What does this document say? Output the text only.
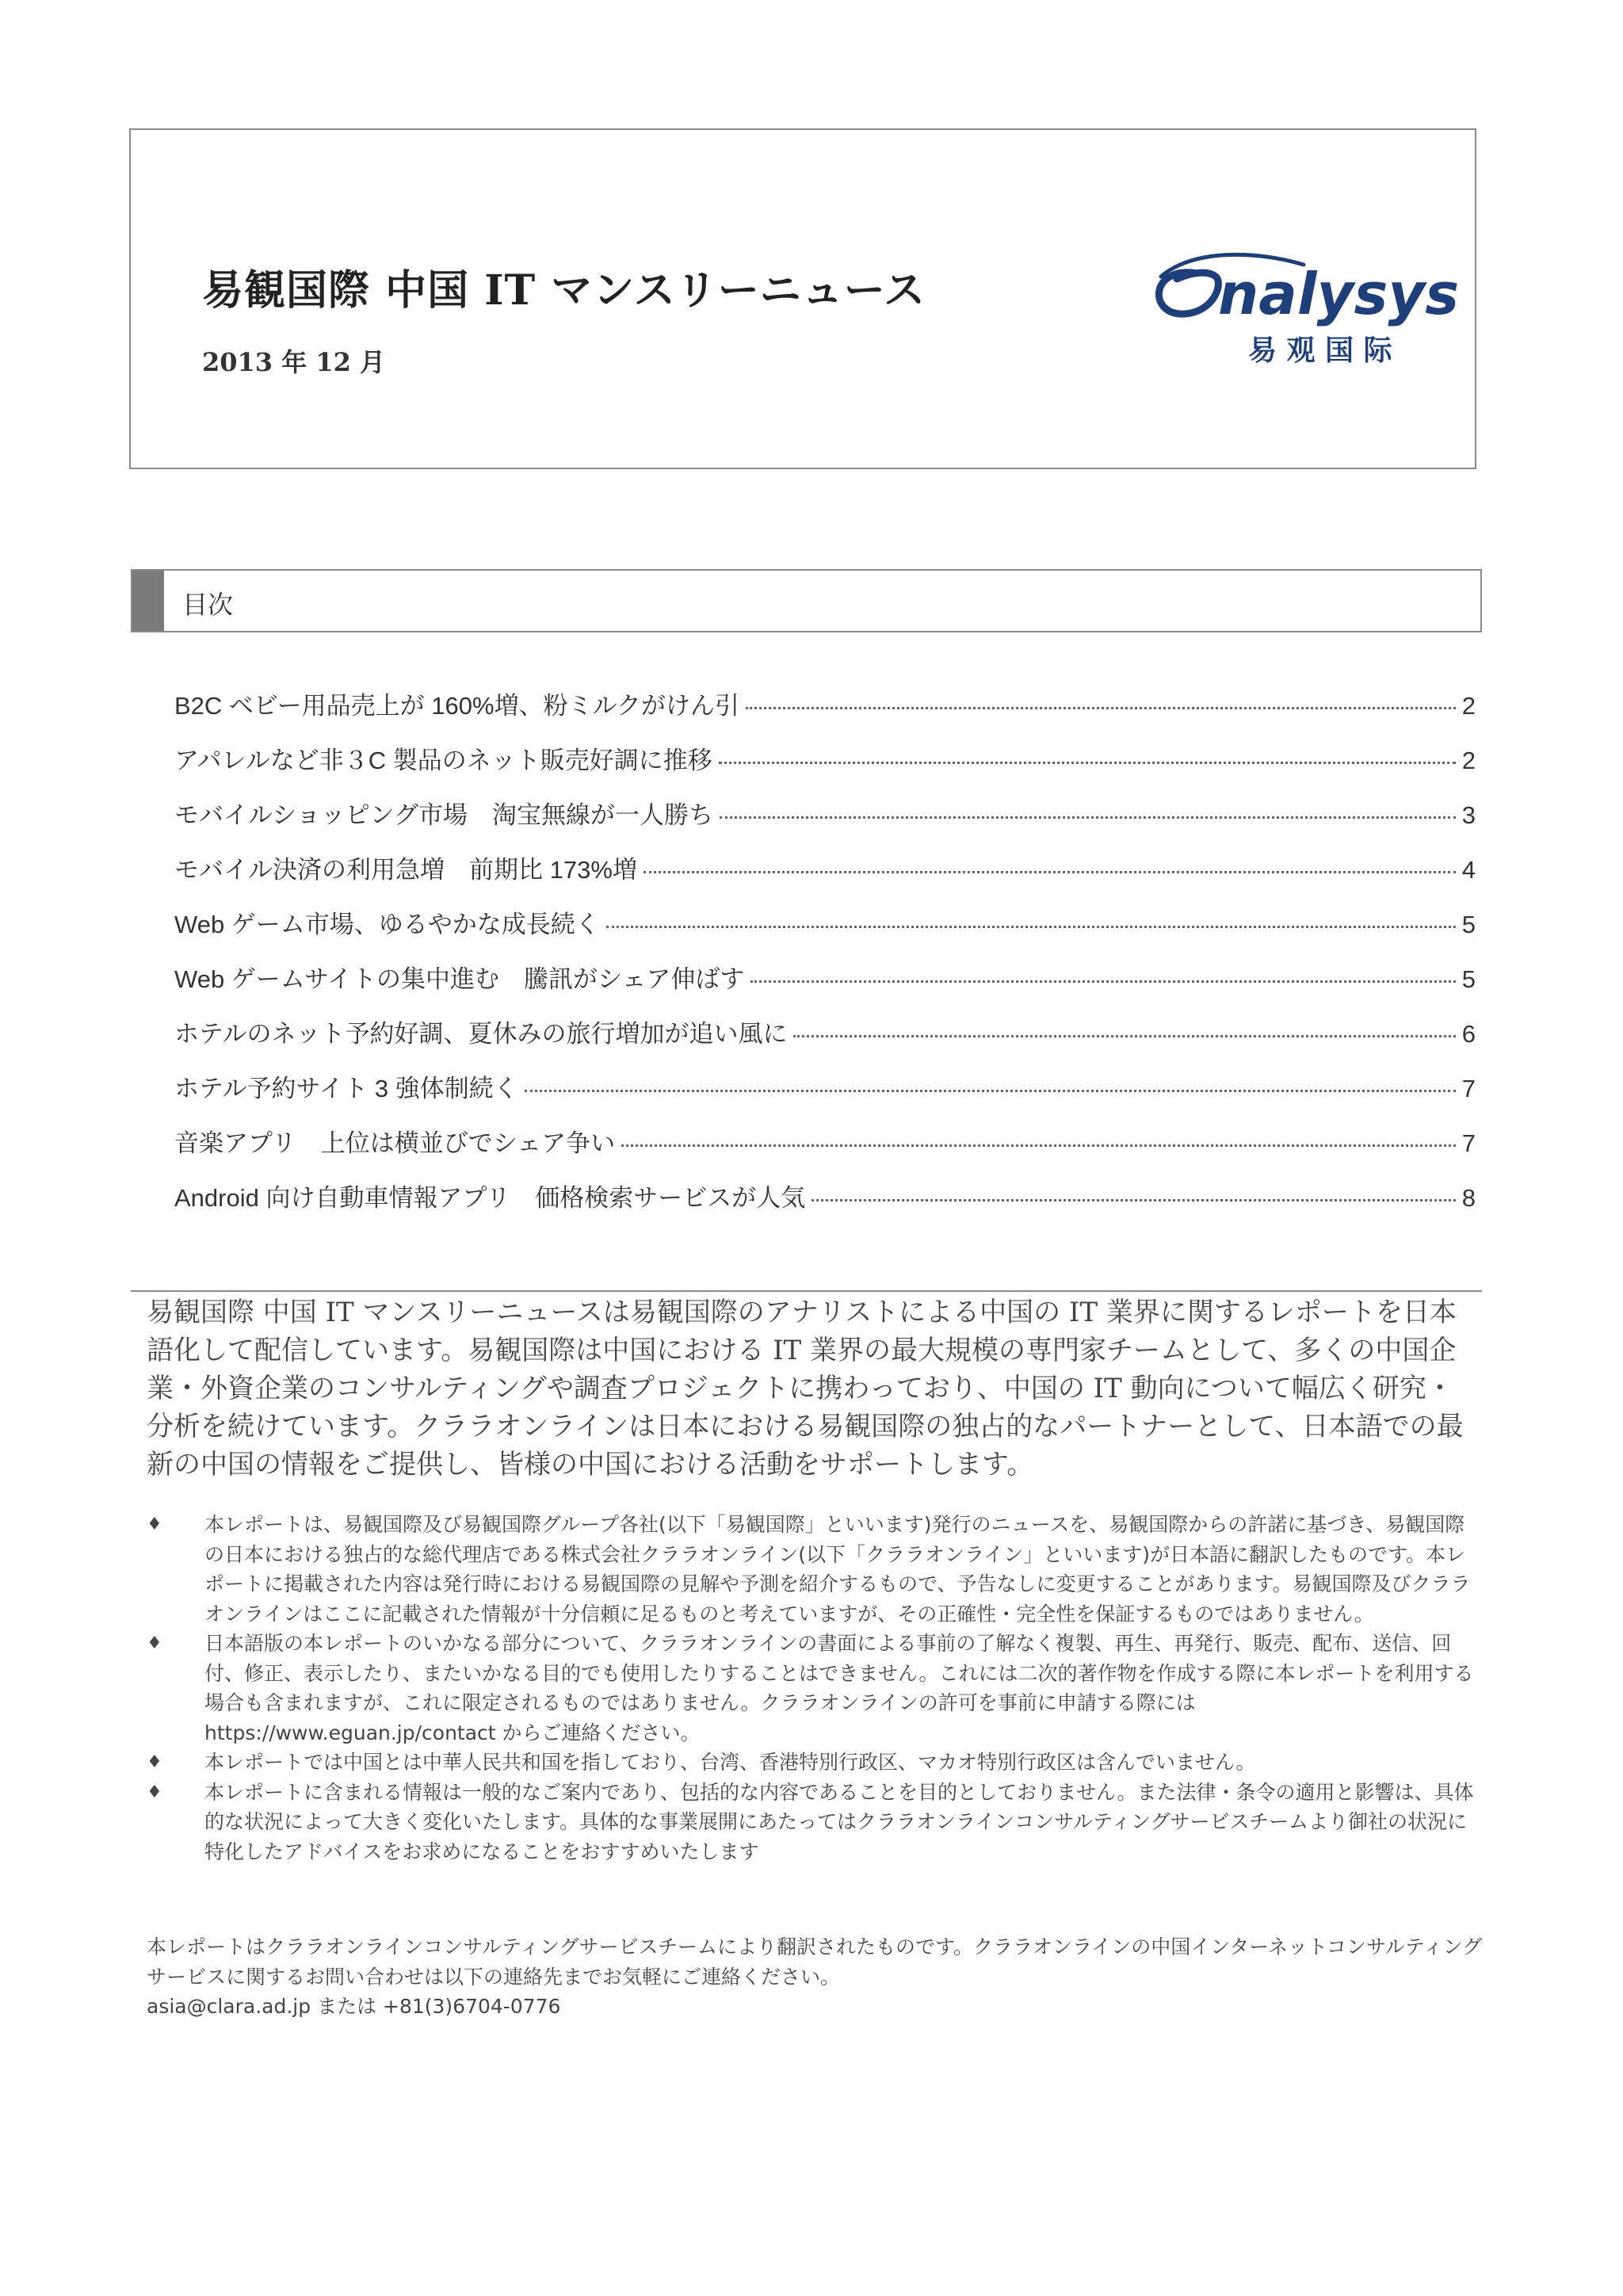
易観国際 中国 IT マンスリーニュース
2013 年 12 月
nalysys
易 观 国 际
目次
B2C ベビー用品売上が 160%増、粉ミルクがけん引	2
アパレルなど非３C 製品のネット販売好調に推移	2
モバイルショッピング市場　淘宝無線が一人勝ち	3
モバイル決済の利用急増　前期比 173%増	4
Web ゲーム市場、ゆるやかな成長続く	5
Web ゲームサイトの集中進む　騰訊がシェア伸ばす	5
ホテルのネット予約好調、夏休みの旅行増加が追い風に	6
ホテル予約サイト 3 強体制続く	7
音楽アプリ　上位は横並びでシェア争い	7
Android 向け自動車情報アプリ　価格検索サービスが人気	8

易観国際 中国 IT マンスリーニュースは易観国際のアナリストによる中国の IT 業界に関するレポートを日本語化して配信しています。易観国際は中国における IT 業界の最大規模の専門家チームとして、多くの中国企業・外資企業のコンサルティングや調査プロジェクトに携わっており、中国の IT 動向について幅広く研究・分析を続けています。クララオンラインは日本における易観国際の独占的なパートナーとして、日本語での最新の中国の情報をご提供し、皆様の中国における活動をサポートします。

♦ 本レポートは、易観国際及び易観国際グループ各社(以下「易観国際」といいます)発行のニュースを、易観国際からの許諾に基づき、易観国際の日本における独占的な総代理店である株式会社クララオンライン(以下「クララオンライン」といいます)が日本語に翻訳したものです。本レポートに掲載された内容は発行時における易観国際の見解や予測を紹介するもので、予告なしに変更することがあります。易観国際及びクララオンラインはここに記載された情報が十分信頼に足るものと考えていますが、その正確性・完全性を保証するものではありません。
♦ 日本語版の本レポートのいかなる部分について、クララオンラインの書面による事前の了解なく複製、再生、再発行、販売、配布、送信、回付、修正、表示したり、またいかなる目的でも使用したりすることはできません。これには二次的著作物を作成する際に本レポートを利用する場合も含まれますが、これに限定されるものではありません。クララオンラインの許可を事前に申請する際には https://www.eguan.jp/contact からご連絡ください。
♦ 本レポートでは中国とは中華人民共和国を指しており、台湾、香港特別行政区、マカオ特別行政区は含んでいません。
♦ 本レポートに含まれる情報は一般的なご案内であり、包括的な内容であることを目的としておりません。また法律・条令の適用と影響は、具体的な状況によって大きく変化いたします。具体的な事業展開にあたってはクララオンラインコンサルティングサービスチームより御社の状況に特化したアドバイスをお求めになることをおすすめいたします
本レポートはクララオンラインコンサルティングサービスチームにより翻訳されたものです。クララオンラインの中国インターネットコンサルティングサービスに関するお問い合わせは以下の連絡先までお気軽にご連絡ください。
asia@clara.ad.jp または +81(3)6704-0776
